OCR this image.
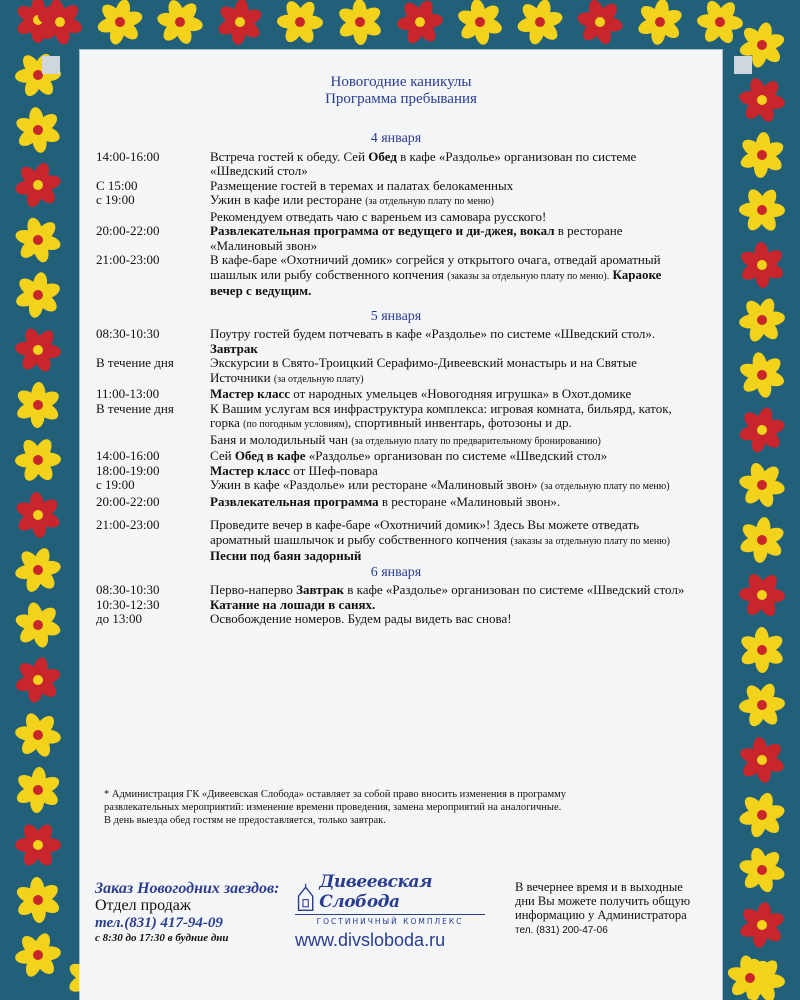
Новогодние каникулы
Программа пребывания
4 января
14:00-16:00	Встреча гостей к обеду. Сей Обед в кафе «Раздолье» организован по системе «Шведский стол»
С 15:00	Размещение гостей в теремах и палатах белокаменных
с 19:00	Ужин в кафе или ресторане (за отдельную плату по меню)
Рекомендуем отведать чаю с вареньем из самовара русского!
20:00-22:00	Развлекательная программа от ведущего и ди-джея, вокал в ресторане «Малиновый звон»
21:00-23:00	В кафе-баре «Охотничий домик» согрейся у открытого очага, отведай ароматный шашлык или рыбу собственного копчения (заказы за отдельную плату по меню). Караоке вечер с ведущим.
5 января
08:30-10:30	Поутру гостей будем потчевать в кафе «Раздолье» по системе «Шведский стол». Завтрак
В течение дня	Экскурсии в Свято-Троицкий Серафимо-Дивеевский монастырь и на Святые Источники (за отдельную плату)
11:00-13:00	Мастер класс от народных умельцев «Новогодняя игрушка» в Охот.домике
В течение дня	К Вашим услугам вся инфраструктура комплекса: игровая комната, бильярд, каток, горка (по погодным условиям), спортивный инвентарь, фотозоны и др.
Баня и молодильный чан (за отдельную плату по предварительному бронированию)
14:00-16:00	Сей Обед в кафе «Раздолье» организован по системе «Шведский стол»
18:00-19:00	Мастер класс от Шеф-повара
с 19:00	Ужин в кафе «Раздолье» или ресторане «Малиновый звон» (за отдельную плату по меню)
20:00-22:00	Развлекательная программа в ресторане «Малиновый звон».
21:00-23:00	Проведите вечер в кафе-баре «Охотничий домик»! Здесь Вы можете отведать ароматный шашлычок и рыбу собственного копчения (заказы за отдельную плату по меню)
Песни под баян задорный
6 января
08:30-10:30	Перво-наперво Завтрак в кафе «Раздолье» организован по системе «Шведский стол»
10:30-12:30	Катание на лошади в санях.
до 13:00	Освобождение номеров. Будем рады видеть вас снова!
* Администрация ГК «Дивеевская Слобода» оставляет за собой право вносить изменения в программу
развлекательных мероприятий: изменение времени проведения, замена мероприятий на аналогичные.
В день выезда обед гостям не предоставляется, только завтрак.
Заказ Новогодних заездов: Отдел продаж
тел.(831) 417-94-09
с 8:30 до 17:30 в будние дни
Дивеевская Слобода
ГОСТИНИЧНЫЙ КОМПЛЕКС
www.divsloboda.ru
В вечернее время и в выходные дни Вы можете получить общую информацию у Администратора
тел. (831) 200-47-06
